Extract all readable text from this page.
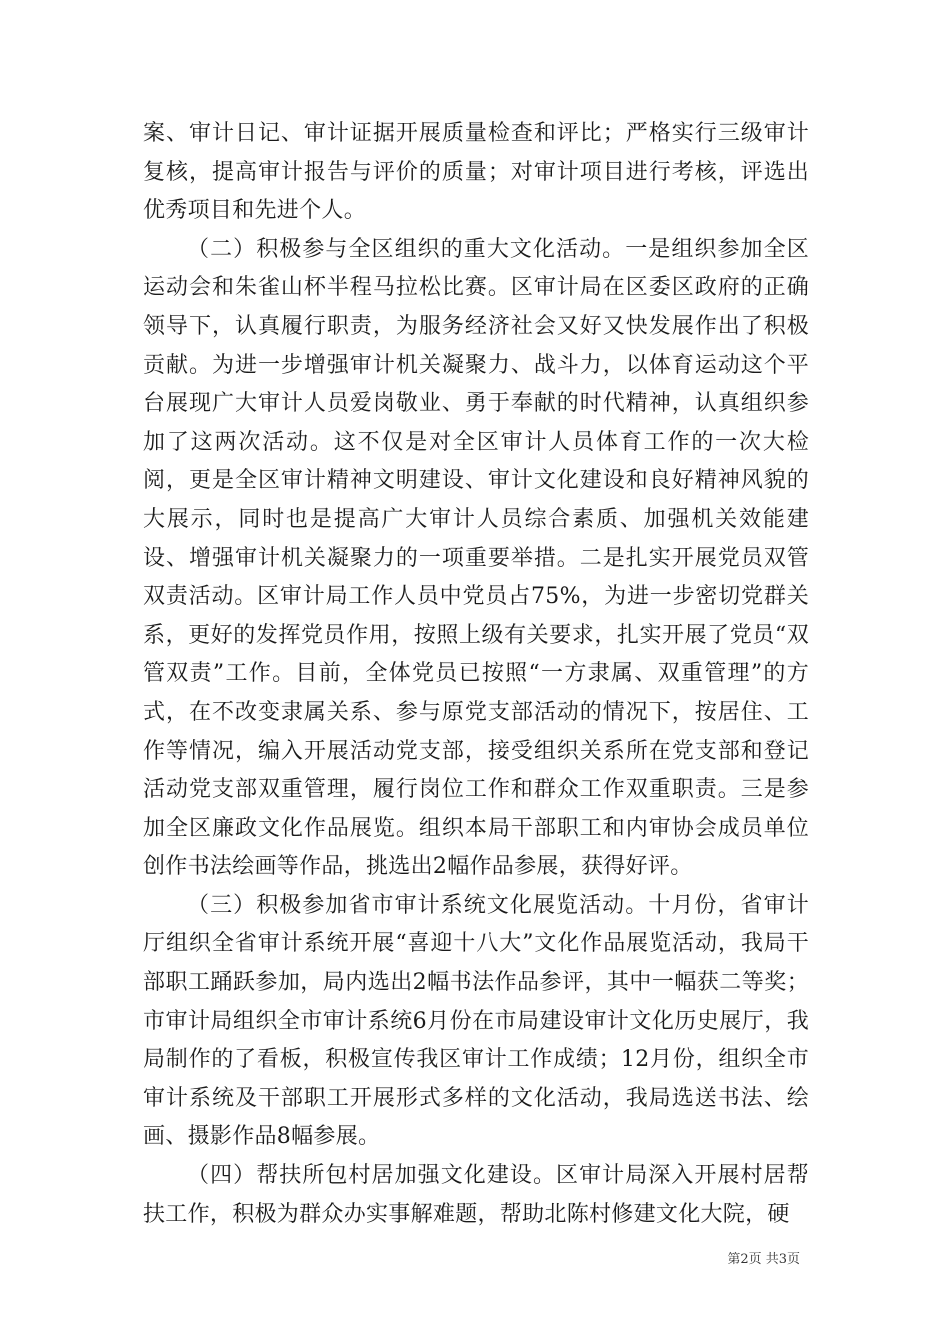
案、审计日记、审计证据开展质量检查和评比；严格实行三级审计复核，提高审计报告与评价的质量；对审计项目进行考核，评选出优秀项目和先进个人。

（二）积极参与全区组织的重大文化活动。一是组织参加全区运动会和朱雀山杯半程马拉松比赛。区审计局在区委区政府的正确领导下，认真履行职责，为服务经济社会又好又快发展作出了积极贡献。为进一步增强审计机关凝聚力、战斗力，以体育运动这个平台展现广大审计人员爱岗敬业、勇于奉献的时代精神，认真组织参加了这两次活动。这不仅是对全区审计人员体育工作的一次大检阅，更是全区审计精神文明建设、审计文化建设和良好精神风貌的大展示，同时也是提高广大审计人员综合素质、加强机关效能建设、增强审计机关凝聚力的一项重要举措。二是扎实开展党员双管双责活动。区审计局工作人员中党员占75%，为进一步密切党群关系，更好的发挥党员作用，按照上级有关要求，扎实开展了党员“双管双责”工作。目前，全体党员已按照“一方隶属、双重管理”的方式，在不改变隶属关系、参与原党支部活动的情况下，按居住、工作等情况，编入开展活动党支部，接受组织关系所在党支部和登记活动党支部双重管理，履行岗位工作和群众工作双重职责。三是参加全区廉政文化作品展览。组织本局干部职工和内审协会成员单位创作书法绘画等作品，挑选出2幅作品参展，获得好评。

（三）积极参加省市审计系统文化展览活动。十月份，省审计厅组织全省审计系统开展“喜迎十八大”文化作品展览活动，我局干部职工踊跃参加，局内选出2幅书法作品参评，其中一幅获二等奖；市审计局组织全市审计系统6月份在市局建设审计文化历史展厅，我局制作的了看板，积极宣传我区审计工作成绩；12月份，组织全市审计系统及干部职工开展形式多样的文化活动，我局选送书法、绘画、摄影作品8幅参展。

（四）帮扶所包村居加强文化建设。区审计局深入开展村居帮扶工作，积极为群众办实事解难题，帮助北陈村修建文化大院，硬

第2页 共3页
